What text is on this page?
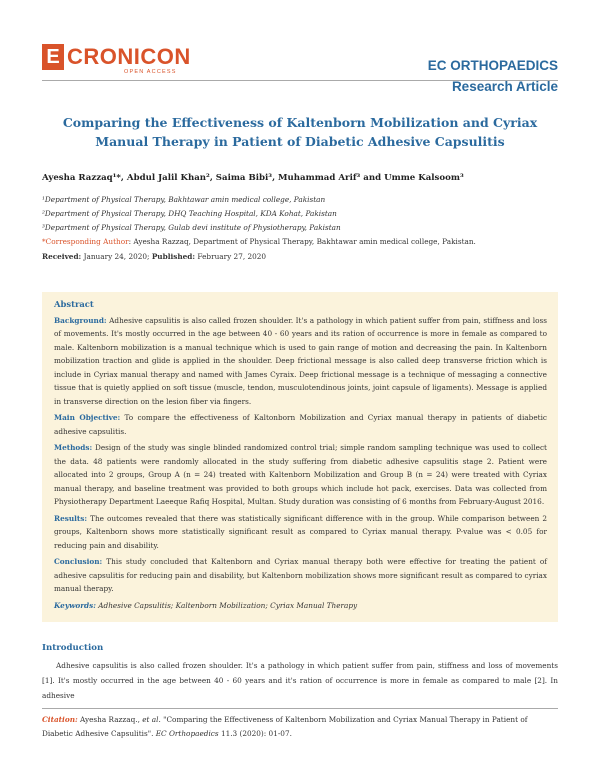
E CRONICON
OPEN ACCESS	EC ORTHOPAEDICS
Research Article
Comparing the Effectiveness of Kaltenborn Mobilization and Cyriax Manual Therapy in Patient of Diabetic Adhesive Capsulitis
Ayesha Razzaq¹*, Abdul Jalil Khan², Saima Bibi³, Muhammad Arif³ and Umme Kalsoom³
¹Department of Physical Therapy, Bakhtawar amin medical college, Pakistan
²Department of Physical Therapy, DHQ Teaching Hospital, KDA Kohat, Pakistan
³Department of Physical Therapy, Gulab devi institute of Physiotherapy, Pakistan
*Corresponding Author: Ayesha Razzaq, Department of Physical Therapy, Bakhtawar amin medical college, Pakistan.
Received: January 24, 2020; Published: February 27, 2020
Abstract

Background: Adhesive capsulitis is also called frozen shoulder. It's a pathology in which patient suffer from pain, stiffness and loss of movements. It's mostly occurred in the age between 40 - 60 years and its ration of occurrence is more in female as compared to male. Kaltenborn mobilization is a manual technique which is used to gain range of motion and decreasing the pain. In Kaltenborn mobilization traction and glide is applied in the shoulder. Deep frictional message is also called deep transverse friction which is include in Cyriax manual therapy and named with James Cyraix. Deep frictional message is a technique of messaging a connective tissue that is quietly applied on soft tissue (muscle, tendon, musculotendinous joints, joint capsule of ligaments). Message is applied in transverse direction on the lesion fiber via fingers.

Main Objective: To compare the effectiveness of Kaltonborn Mobilization and Cyriax manual therapy in patients of diabetic adhesive capsulitis.

Methods: Design of the study was single blinded randomized control trial; simple random sampling technique was used to collect the data. 48 patients were randomly allocated in the study suffering from diabetic adhesive capsulitis stage 2. Patient were allocated into 2 groups, Group A (n = 24) treated with Kaltenborn Mobilization and Group B (n = 24) were treated with Cyriax manual therapy, and baseline treatment was provided to both groups which include hot pack, exercises. Data was collected from Physiotherapy Department Laeeque Rafiq Hospital, Multan. Study duration was consisting of 6 months from February-August 2016.

Results: The outcomes revealed that there was statistically significant difference with in the group. While comparison between 2 groups, Kaltenborn shows more statistically significant result as compared to Cyriax manual therapy. P-value was < 0.05 for reducing pain and disability.

Conclusion: This study concluded that Kaltenborn and Cyriax manual therapy both were effective for treating the patient of adhesive capsulitis for reducing pain and disability, but Kaltenborn mobilization shows more significant result as compared to cyriax manual therapy.

Keywords: Adhesive Capsulitis; Kaltenborn Mobilization; Cyriax Manual Therapy

Introduction
Adhesive capsulitis is also called frozen shoulder. It's a pathology in which patient suffer from pain, stiffness and loss of movements [1]. It's mostly occurred in the age between 40 - 60 years and it's ration of occurrence is more in female as compared to male [2]. In adhesive
Citation: Ayesha Razzaq., et al. "Comparing the Effectiveness of Kaltenborn Mobilization and Cyriax Manual Therapy in Patient of Diabetic Adhesive Capsulitis". EC Orthopaedics 11.3 (2020): 01-07.
